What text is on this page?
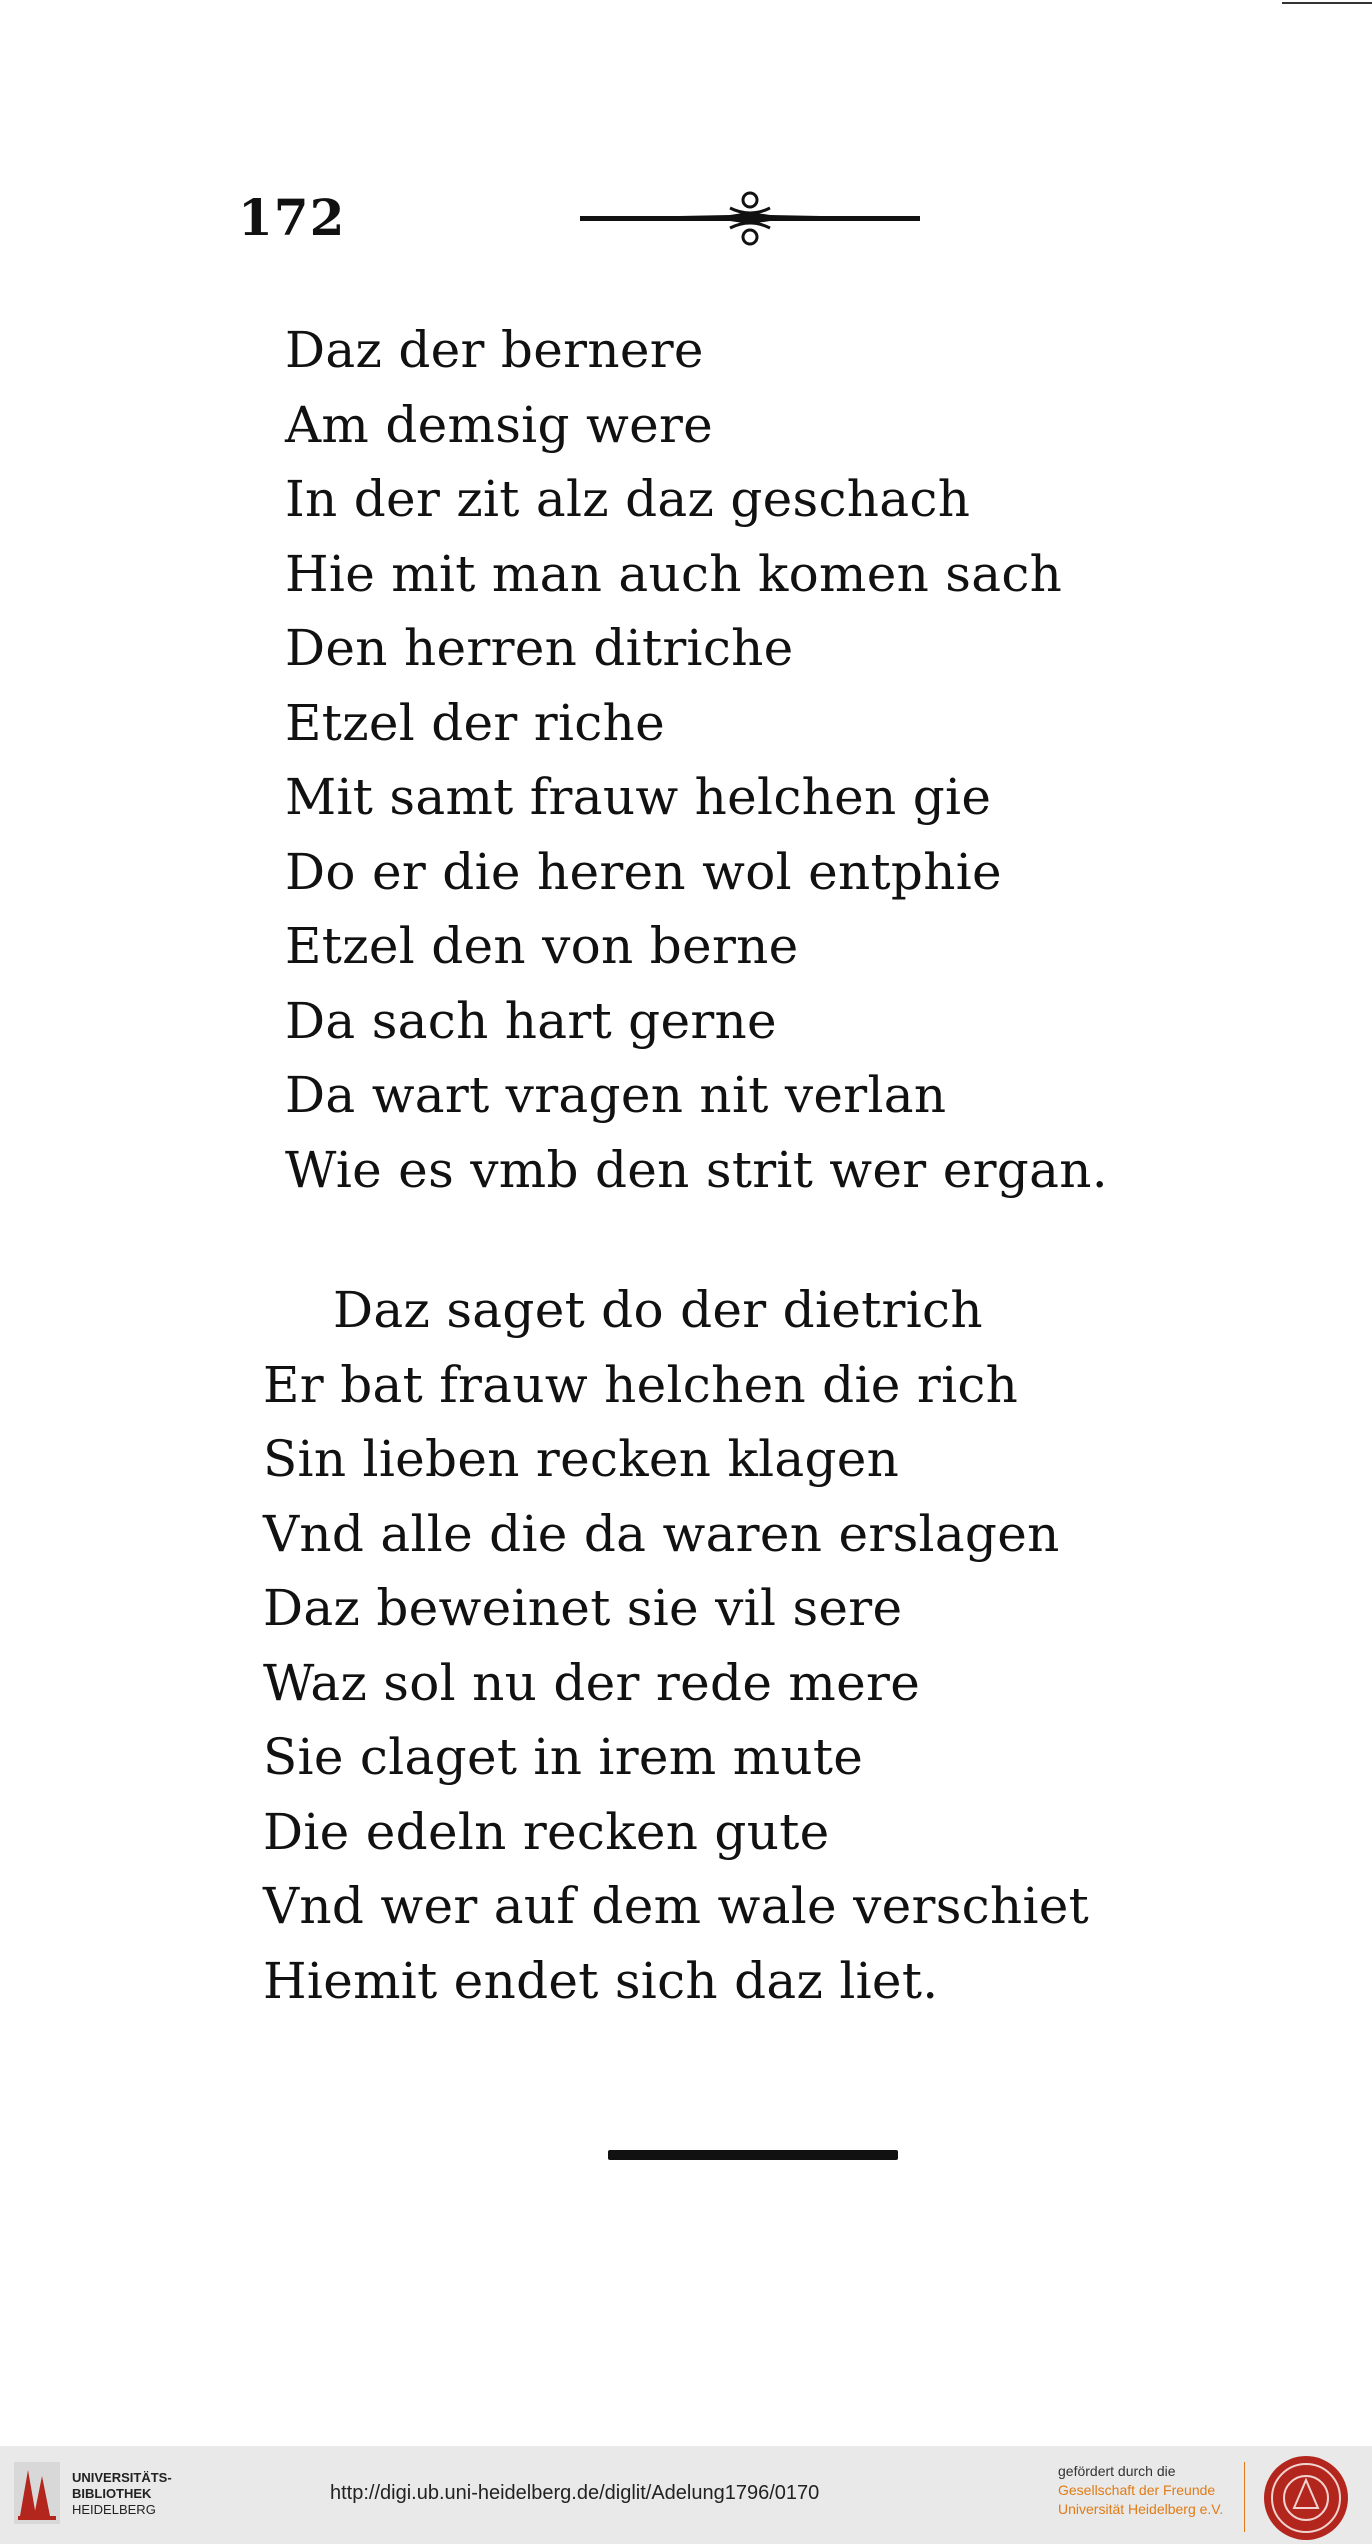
172
Daz der bernere
Am demsig were
In der zit alz daz geschach
Hie mit man auch komen sach
Den herren ditriche
Etzel der riche
Mit samt frauw helchen gie
Do er die heren wol entphie
Etzel den von berne
Da sach hart gerne
Da wart vragen nit verlan
Wie es vmb den strit wer ergan.
Daz saget do der dietrich
Er bat frauw helchen die rich
Sin lieben recken klagen
Vnd alle die da waren erslagen
Daz beweinet sie vil sere
Waz sol nu der rede mere
Sie claget in irem mute
Die edeln recken gute
Vnd wer auf dem wale verschiet
Hiemit endet sich daz liet.
UNIVERSITÄTS-
BIBLIOTHEK
HEIDELBERG
http://digi.ub.uni-heidelberg.de/diglit/Adelung1796/0170
gefördert durch die
Gesellschaft der Freunde
Universität Heidelberg e.V.
